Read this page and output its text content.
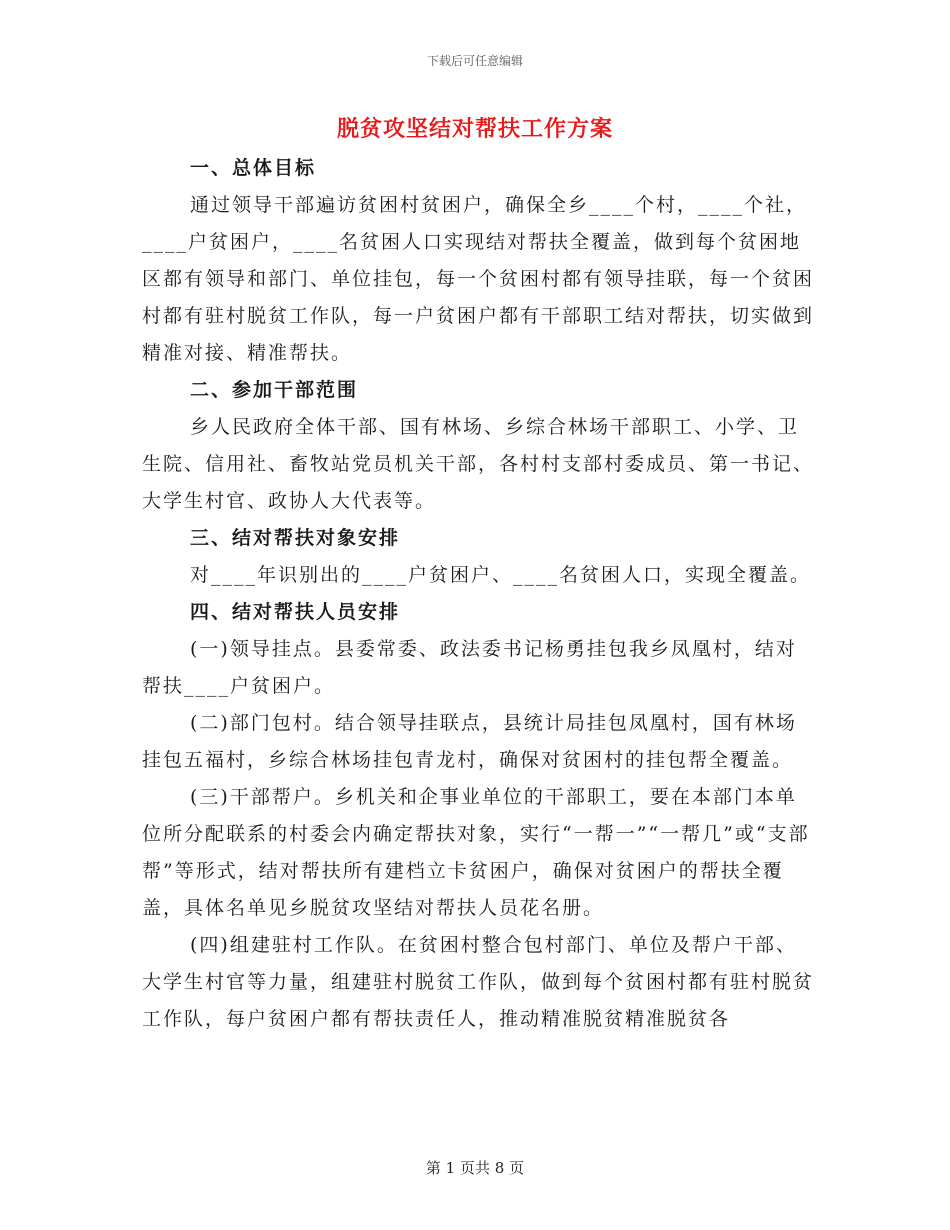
下载后可任意编辑
脱贫攻坚结对帮扶工作方案

一、总体目标

通过领导干部遍访贫困村贫困户，确保全乡____个村，____个社，____户贫困户，____名贫困人口实现结对帮扶全覆盖，做到每个贫困地区都有领导和部门、单位挂包，每一个贫困村都有领导挂联，每一个贫困村都有驻村脱贫工作队，每一户贫困户都有干部职工结对帮扶，切实做到精准对接、精准帮扶。

二、参加干部范围

乡人民政府全体干部、国有林场、乡综合林场干部职工、小学、卫生院、信用社、畜牧站党员机关干部，各村村支部村委成员、第一书记、大学生村官、政协人大代表等。

三、结对帮扶对象安排

对____年识别出的____户贫困户、____名贫困人口，实现全覆盖。

四、结对帮扶人员安排

(一)领导挂点。县委常委、政法委书记杨勇挂包我乡凤凰村，结对帮扶____户贫困户。

(二)部门包村。结合领导挂联点，县统计局挂包凤凰村，国有林场挂包五福村，乡综合林场挂包青龙村，确保对贫困村的挂包帮全覆盖。

(三)干部帮户。乡机关和企事业单位的干部职工，要在本部门本单位所分配联系的村委会内确定帮扶对象，实行“一帮一”“一帮几”或“支部帮”等形式，结对帮扶所有建档立卡贫困户，确保对贫困户的帮扶全覆盖，具体名单见乡脱贫攻坚结对帮扶人员花名册。

(四)组建驻村工作队。在贫困村整合包村部门、单位及帮户干部、大学生村官等力量，组建驻村脱贫工作队，做到每个贫困村都有驻村脱贫工作队，每户贫困户都有帮扶责任人，推动精准脱贫精准脱贫各

第 1 页共 8 页
